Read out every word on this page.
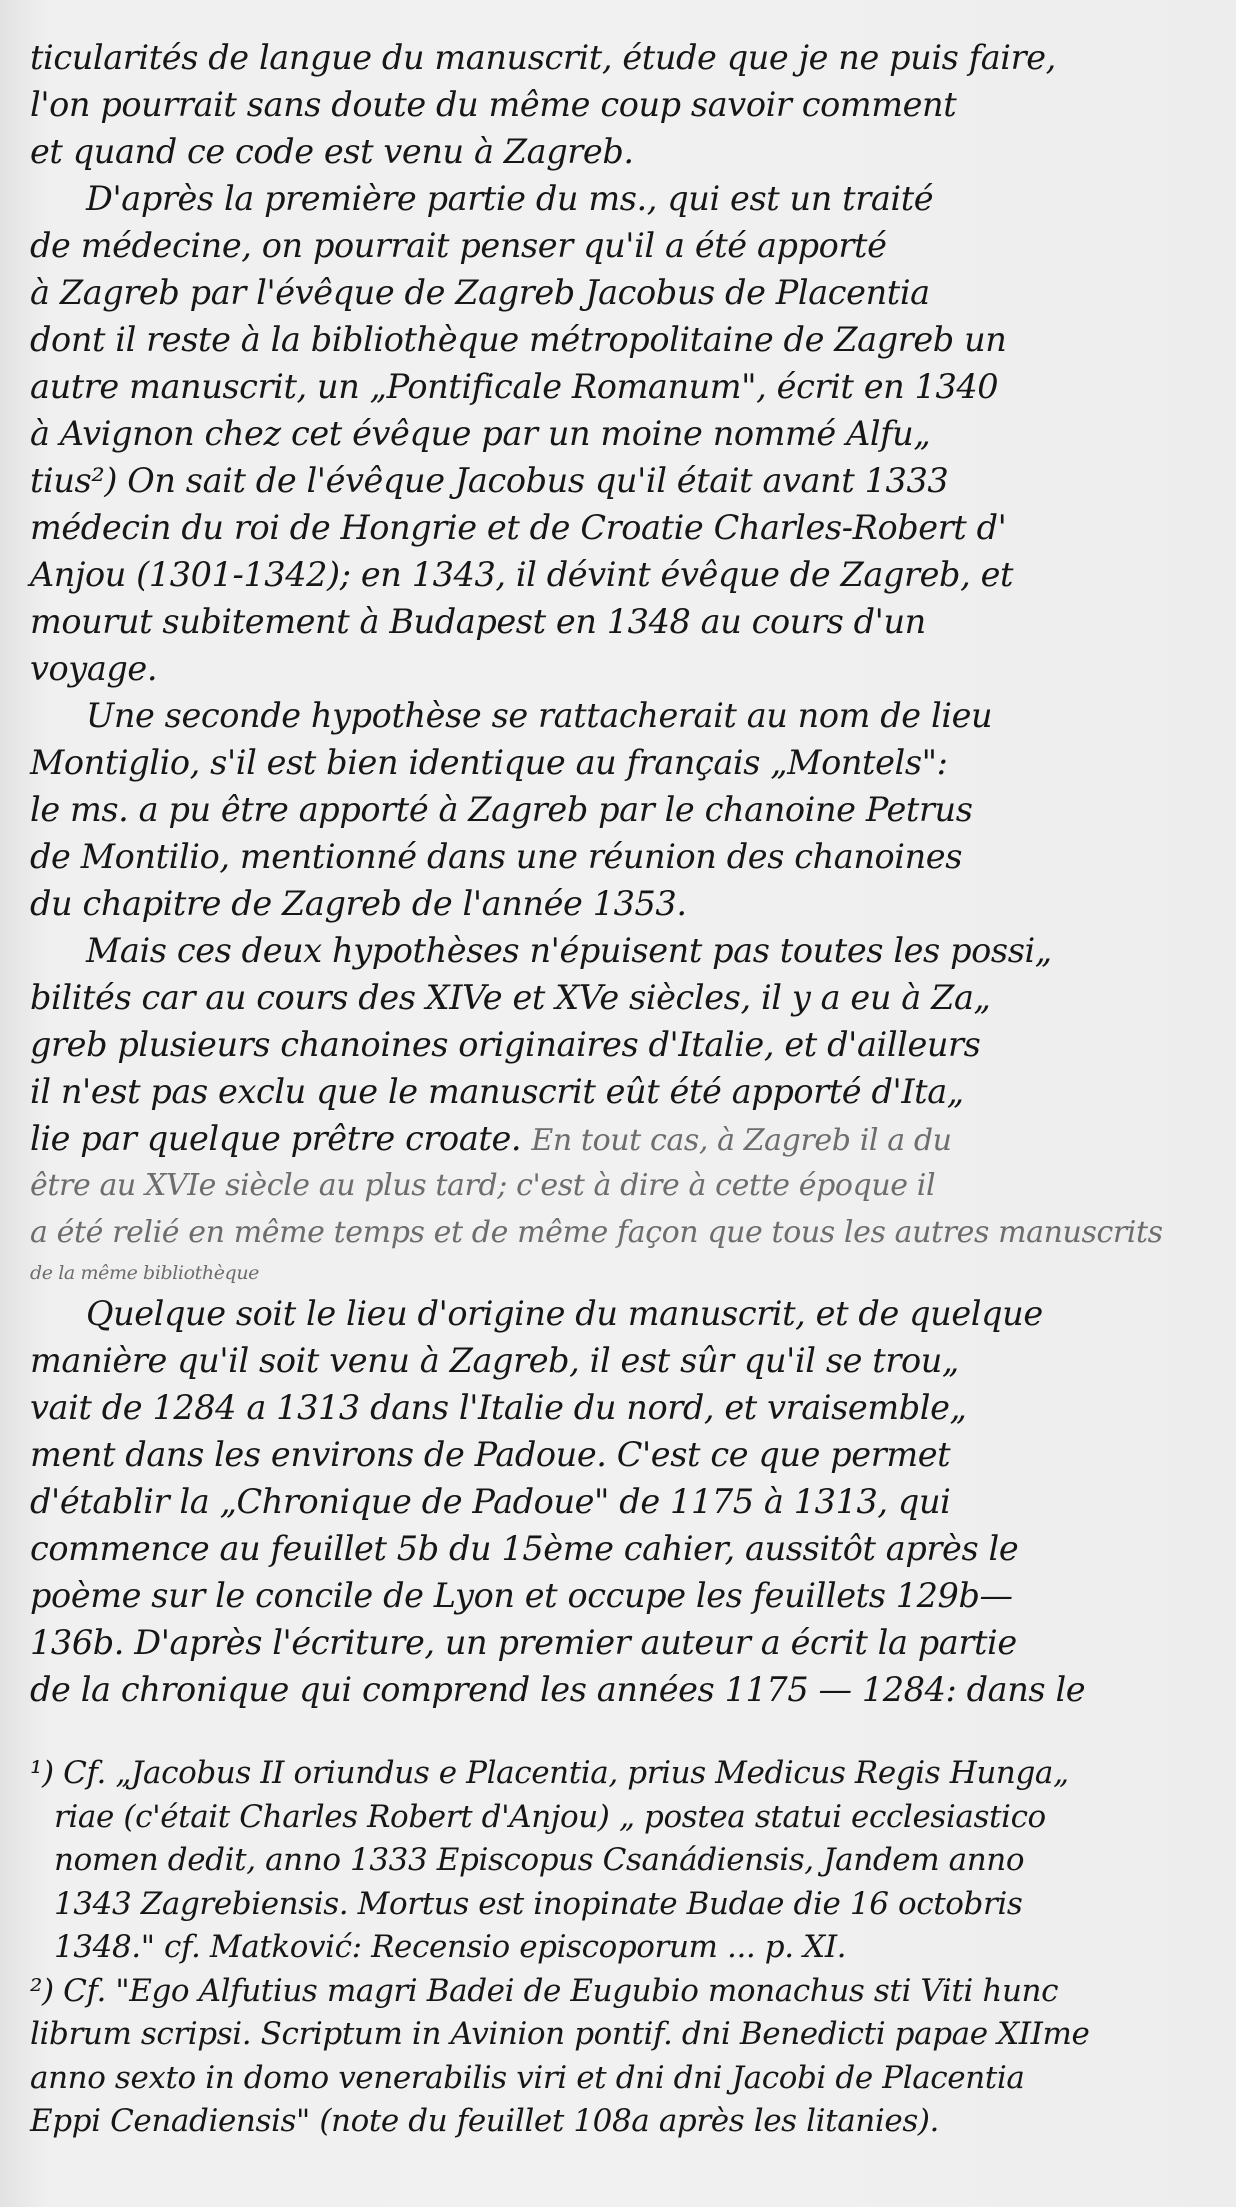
ticularités de langue du manuscrit, étude que je ne puis faire,
l'on pourrait sans doute du même coup savoir comment
et quand ce code est venu à Zagreb.
D'après la première partie du ms., qui est un traité
de médecine, on pourrait penser qu'il a été apporté
à Zagreb par l'évêque de Zagreb Jacobus de Placentia
dont il reste à la bibliothèque métropolitaine de Zagreb un
autre manuscrit, un „Pontificale Romanum", écrit en 1340
à Avignon chez cet évêque par un moine nommé Alfu„
tius²) On sait de l'évêque Jacobus qu'il était avant 1333
médecin du roi de Hongrie et de Croatie Charles-Robert d'
Anjou (1301-1342); en 1343, il dévint évêque de Zagreb, et
mourut subitement à Budapest en 1348 au cours d'un
voyage.
Une seconde hypothèse se rattacherait au nom de lieu
Montiglio, s'il est bien identique au français „Montels":
le ms. a pu être apporté à Zagreb par le chanoine Petrus
de Montilio, mentionné dans une réunion des chanoines
du chapitre de Zagreb de l'année 1353.
Mais ces deux hypothèses n'épuisent pas toutes les possi„
bilités car au cours des XIVe et XVe siècles, il y a eu à Za„
greb plusieurs chanoines originaires d'Italie, et d'ailleurs
il n'est pas exclu que le manuscrit eût été apporté d'Ita„
lie par quelque prêtre croate. En tout cas, à Zagreb il a du
être au XVIe siècle au plus tard; c'est à dire à cette époque il
a été relié en même temps et de même façon que tous les autres manuscrits
de la même bibliothèque
Quelque soit le lieu d'origine du manuscrit, et de quelque
manière qu'il soit venu à Zagreb, il est sûr qu'il se trou„
vait de 1284 a 1313 dans l'Italie du nord, et vraisemble„
ment dans les environs de Padoue. C'est ce que permet
d'établir la „Chronique de Padoue" de 1175 à 1313, qui
commence au feuillet 5b du 15ème cahier, aussitôt après le
poème sur le concile de Lyon et occupe les feuillets 129b—
136b. D'après l'écriture, un premier auteur a écrit la partie
de la chronique qui comprend les années 1175 — 1284: dans le
¹) Cf. „Jacobus II oriundus e Placentia, prius Medicus Regis Hunga„
riae (c'était Charles Robert d'Anjou) „ postea statui ecclesiastico
nomen dedit, anno 1333 Episcopus Csanádiensis, Jandem anno
1343 Zagrebiensis. Mortus est inopinate Budae die 16 octobris
1348." cf. Matković: Recensio episcoporum ... p. XI.
²) Cf. "Ego Alfutius magri Badei de Eugubio monachus sti Viti hunc
librum scripsi. Scriptum in Avinion pontif. dni Benedicti papae XIIme
anno sexto in domo venerabilis viri et dni dni Jacobi de Placentia
Eppi Cenadiensis" (note du feuillet 108a après les litanies).
